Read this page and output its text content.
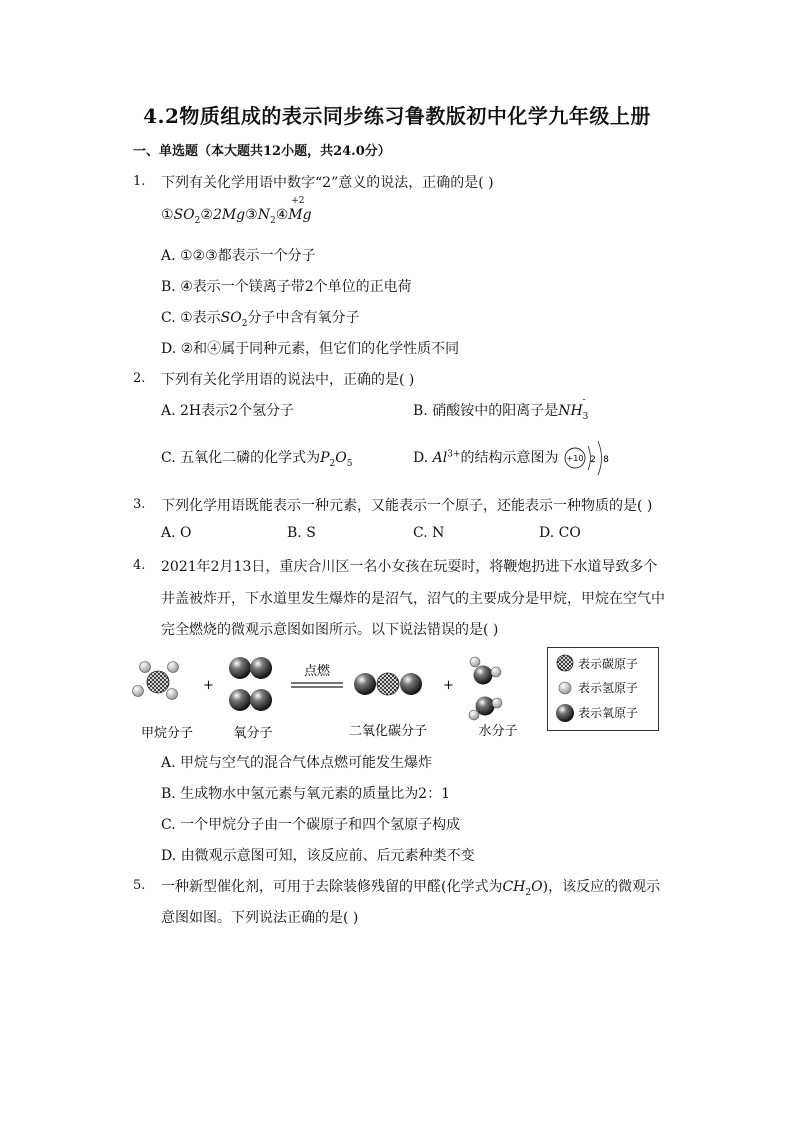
4.2物质组成的表示同步练习鲁教版初中化学九年级上册
一、单选题（本大题共12小题，共24.0分）
1. 下列有关化学用语中数字“2”意义的说法，正确的是( )
$①SO_2②2Mg③N_2④Mg$
+2
A. ①②③都表示一个分子
B. ④表示一个镁离子带2个单位的正电荷
C. ①表示$SO_2$分子中含有氧分子
D. ②和④属于同种元素，但它们的化学性质不同
2. 下列有关化学用语的说法中，正确的是( )
A. 2H表示2个氢分子	B. 硝酸铵中的阳离子是NH
-
$_3$
C. 五氧化二磷的化学式为$P_2O_5$	D. $Al^{3+}$的结构示意图为 +10 2 8
3. 下列化学用语既能表示一种元素，又能表示一个原子，还能表示一种物质的是( )
A. O	B. S	C. N	D. CO
4. 2021年2月13日，重庆合川区一名小女孩在玩耍时，将鞭炮扔进下水道导致多个
井盖被炸开，下水道里发生爆炸的是沼气，沼气的主要成分是甲烷，甲烷在空气中
完全燃烧的微观示意图如图所示。以下说法错误的是( )
+
点燃
+
甲烷分子	氧分子	二氧化碳分子	水分子
表示碳原子
表示氢原子
表示氧原子
A. 甲烷与空气的混合气体点燃可能发生爆炸
B. 生成物水中氢元素与氧元素的质量比为2：1
C. 一个甲烷分子由一个碳原子和四个氢原子构成
D. 由微观示意图可知，该反应前、后元素种类不变
5. 一种新型催化剂，可用于去除装修残留的甲醛(化学式为$CH_2O$)，该反应的微观示
意图如图。下列说法正确的是( )
